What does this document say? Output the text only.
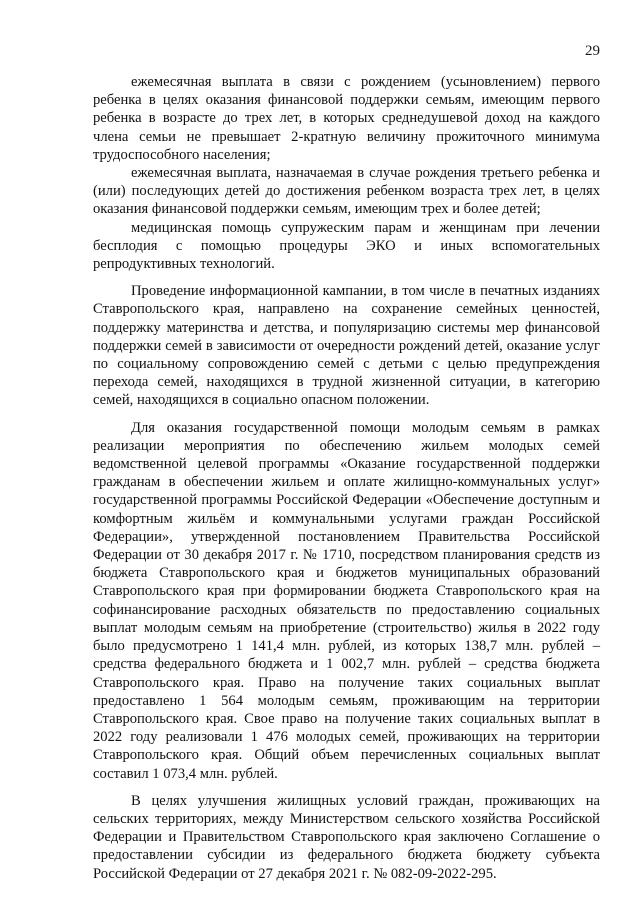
29

ежемесячная выплата в связи с рождением (усыновлением) первого ребенка в целях оказания финансовой поддержки семьям, имеющим первого ребенка в возрасте до трех лет, в которых среднедушевой доход на каждого члена семьи не превышает 2-кратную величину прожиточного минимума трудоспособного населения;

ежемесячная выплата, назначаемая в случае рождения третьего ребенка и (или) последующих детей до достижения ребенком возраста трех лет, в целях оказания финансовой поддержки семьям, имеющим трех и более детей;

медицинская помощь супружеским парам и женщинам при лечении бесплодия с помощью процедуры ЭКО и иных вспомогательных репродуктивных технологий.

Проведение информационной кампании, в том числе в печатных изданиях Ставропольского края, направлено на сохранение семейных ценностей, поддержку материнства и детства, и популяризацию системы мер финансовой поддержки семей в зависимости от очередности рождений детей, оказание услуг по социальному сопровождению семей с детьми с целью предупреждения перехода семей, находящихся в трудной жизненной ситуации, в категорию семей, находящихся в социально опасном положении.

Для оказания государственной помощи молодым семьям в рамках реализации мероприятия по обеспечению жильем молодых семей ведомственной целевой программы «Оказание государственной поддержки гражданам в обеспечении жильем и оплате жилищно-коммунальных услуг» государственной программы Российской Федерации «Обеспечение доступным и комфортным жильём и коммунальными услугами граждан Российской Федерации», утвержденной постановлением Правительства Российской Федерации от 30 декабря 2017 г. № 1710, посредством планирования средств из бюджета Ставропольского края и бюджетов муниципальных образований Ставропольского края при формировании бюджета Ставропольского края на софинансирование расходных обязательств по предоставлению социальных выплат молодым семьям на приобретение (строительство) жилья в 2022 году было предусмотрено 1 141,4 млн. рублей, из которых 138,7 млн. рублей – средства федерального бюджета и 1 002,7 млн. рублей – средства бюджета Ставропольского края. Право на получение таких социальных выплат предоставлено 1 564 молодым семьям, проживающим на территории Ставропольского края. Свое право на получение таких социальных выплат в 2022 году реализовали 1 476 молодых семей, проживающих на территории Ставропольского края. Общий объем перечисленных социальных выплат составил 1 073,4 млн. рублей.

В целях улучшения жилищных условий граждан, проживающих на сельских территориях, между Министерством сельского хозяйства Российской Федерации и Правительством Ставропольского края заключено Соглашение о предоставлении субсидии из федерального бюджета бюджету субъекта Российской Федерации от 27 декабря 2021 г. № 082-09-2022-295.
